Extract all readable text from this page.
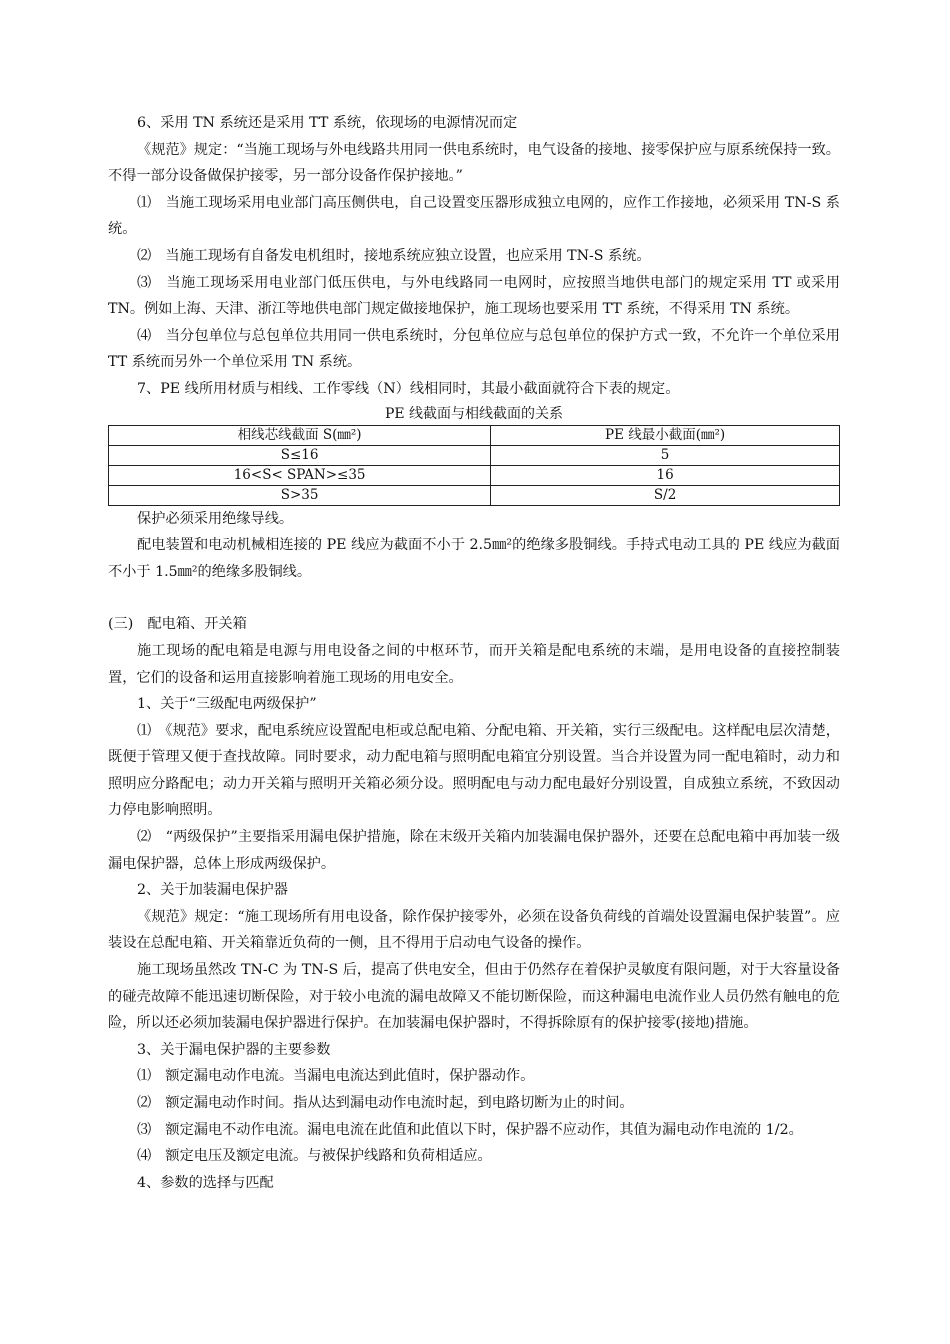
6、采用 TN 系统还是采用 TT 系统，依现场的电源情况而定

《规范》规定：“当施工现场与外电线路共用同一供电系统时，电气设备的接地、接零保护应与原系统保持一致。不得一部分设备做保护接零，另一部分设备作保护接地。”

⑴　当施工现场采用电业部门高压侧供电，自己设置变压器形成独立电网的，应作工作接地，必须采用 TN-S 系统。

⑵　当施工现场有自备发电机组时，接地系统应独立设置，也应采用 TN-S 系统。

⑶　当施工现场采用电业部门低压供电，与外电线路同一电网时，应按照当地供电部门的规定采用 TT 或采用 TN。例如上海、天津、浙江等地供电部门规定做接地保护，施工现场也要采用 TT 系统，不得采用 TN 系统。

⑷　当分包单位与总包单位共用同一供电系统时，分包单位应与总包单位的保护方式一致，不允许一个单位采用 TT 系统而另外一个单位采用 TN 系统。

7、PE 线所用材质与相线、工作零线（N）线相同时，其最小截面就符合下表的规定。

PE 线截面与相线截面的关系

相线芯线截面 S(㎜²)	PE 线最小截面(㎜²)
S≤16	5
16<S< SPAN>≤35	16
S>35	S/2

保护必须采用绝缘导线。

配电装置和电动机械相连接的 PE 线应为截面不小于 2.5㎜²的绝缘多股铜线。手持式电动工具的 PE 线应为截面不小于 1.5㎜²的绝缘多股铜线。

(三)　配电箱、开关箱

施工现场的配电箱是电源与用电设备之间的中枢环节，而开关箱是配电系统的末端，是用电设备的直接控制装置，它们的设备和运用直接影响着施工现场的用电安全。

1、关于“三级配电两级保护”

⑴　《规范》要求，配电系统应设置配电柜或总配电箱、分配电箱、开关箱，实行三级配电。这样配电层次清楚，既便于管理又便于查找故障。同时要求，动力配电箱与照明配电箱宜分别设置。当合并设置为同一配电箱时，动力和照明应分路配电；动力开关箱与照明开关箱必须分设。照明配电与动力配电最好分别设置，自成独立系统，不致因动力停电影响照明。

⑵　“两级保护”主要指采用漏电保护措施，除在末级开关箱内加装漏电保护器外，还要在总配电箱中再加装一级漏电保护器，总体上形成两级保护。

2、关于加装漏电保护器

《规范》规定：“施工现场所有用电设备，除作保护接零外，必须在设备负荷线的首端处设置漏电保护装置”。应装设在总配电箱、开关箱靠近负荷的一侧，且不得用于启动电气设备的操作。

施工现场虽然改 TN-C 为 TN-S 后，提高了供电安全，但由于仍然存在着保护灵敏度有限问题，对于大容量设备的碰壳故障不能迅速切断保险，对于较小电流的漏电故障又不能切断保险，而这种漏电电流作业人员仍然有触电的危险，所以还必须加装漏电保护器进行保护。在加装漏电保护器时，不得拆除原有的保护接零(接地)措施。

3、关于漏电保护器的主要参数

⑴　额定漏电动作电流。当漏电电流达到此值时，保护器动作。

⑵　额定漏电动作时间。指从达到漏电动作电流时起，到电路切断为止的时间。

⑶　额定漏电不动作电流。漏电电流在此值和此值以下时，保护器不应动作，其值为漏电动作电流的 1/2。

⑷　额定电压及额定电流。与被保护线路和负荷相适应。

4、参数的选择与匹配
